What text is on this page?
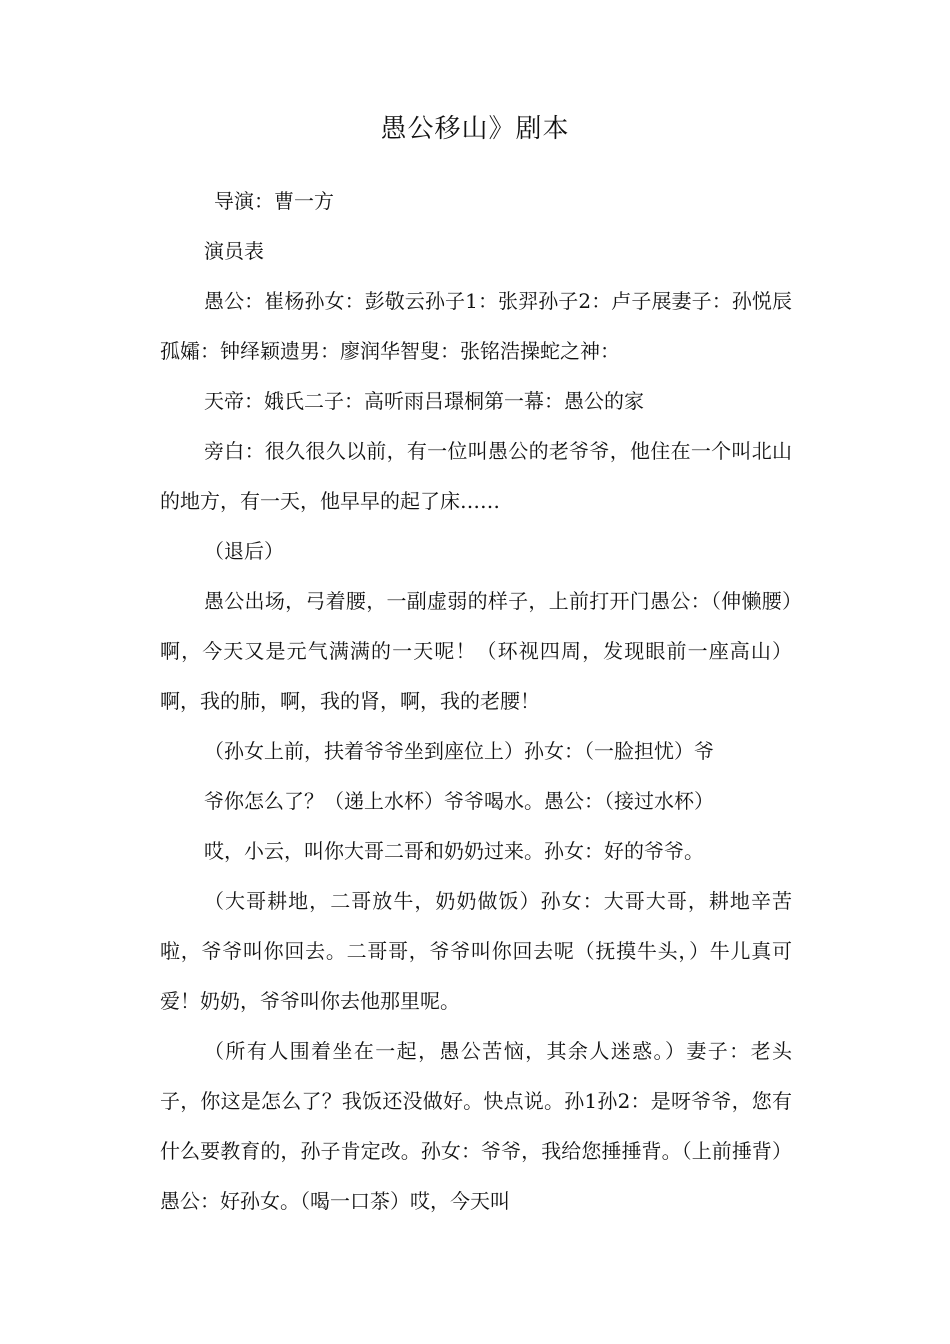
愚公移山》剧本

导演：曹一方

演员表

愚公：崔杨孙女：彭敬云孙子1：张羿孙子2：卢子展妻子：孙悦辰孤孀：钟绎颖遗男：廖润华智叟：张铭浩操蛇之神：

天帝：娥氏二子：高听雨吕璟桐第一幕：愚公的家

旁白：很久很久以前，有一位叫愚公的老爷爷，他住在一个叫北山的地方，有一天，他早早的起了床……

（退后）

愚公出场，弓着腰，一副虚弱的样子，上前打开门愚公：（伸懒腰）啊，今天又是元气满满的一天呢！（环视四周，发现眼前一座高山）啊，我的肺，啊，我的肾，啊，我的老腰！

（孙女上前，扶着爷爷坐到座位上）孙女：（一脸担忧）爷

爷你怎么了？（递上水杯）爷爷喝水。愚公：（接过水杯）

哎，小云，叫你大哥二哥和奶奶过来。孙女：好的爷爷。

（大哥耕地，二哥放牛，奶奶做饭）孙女：大哥大哥，耕地辛苦啦，爷爷叫你回去。二哥哥，爷爷叫你回去呢（抚摸牛头，）牛儿真可爱！奶奶，爷爷叫你去他那里呢。

（所有人围着坐在一起，愚公苦恼，其余人迷惑。）妻子：老头子，你这是怎么了？我饭还没做好。快点说。孙1孙2：是呀爷爷，您有什么要教育的，孙子肯定改。孙女：爷爷，我给您捶捶背。（上前捶背）愚公：好孙女。（喝一口茶）哎，今天叫
